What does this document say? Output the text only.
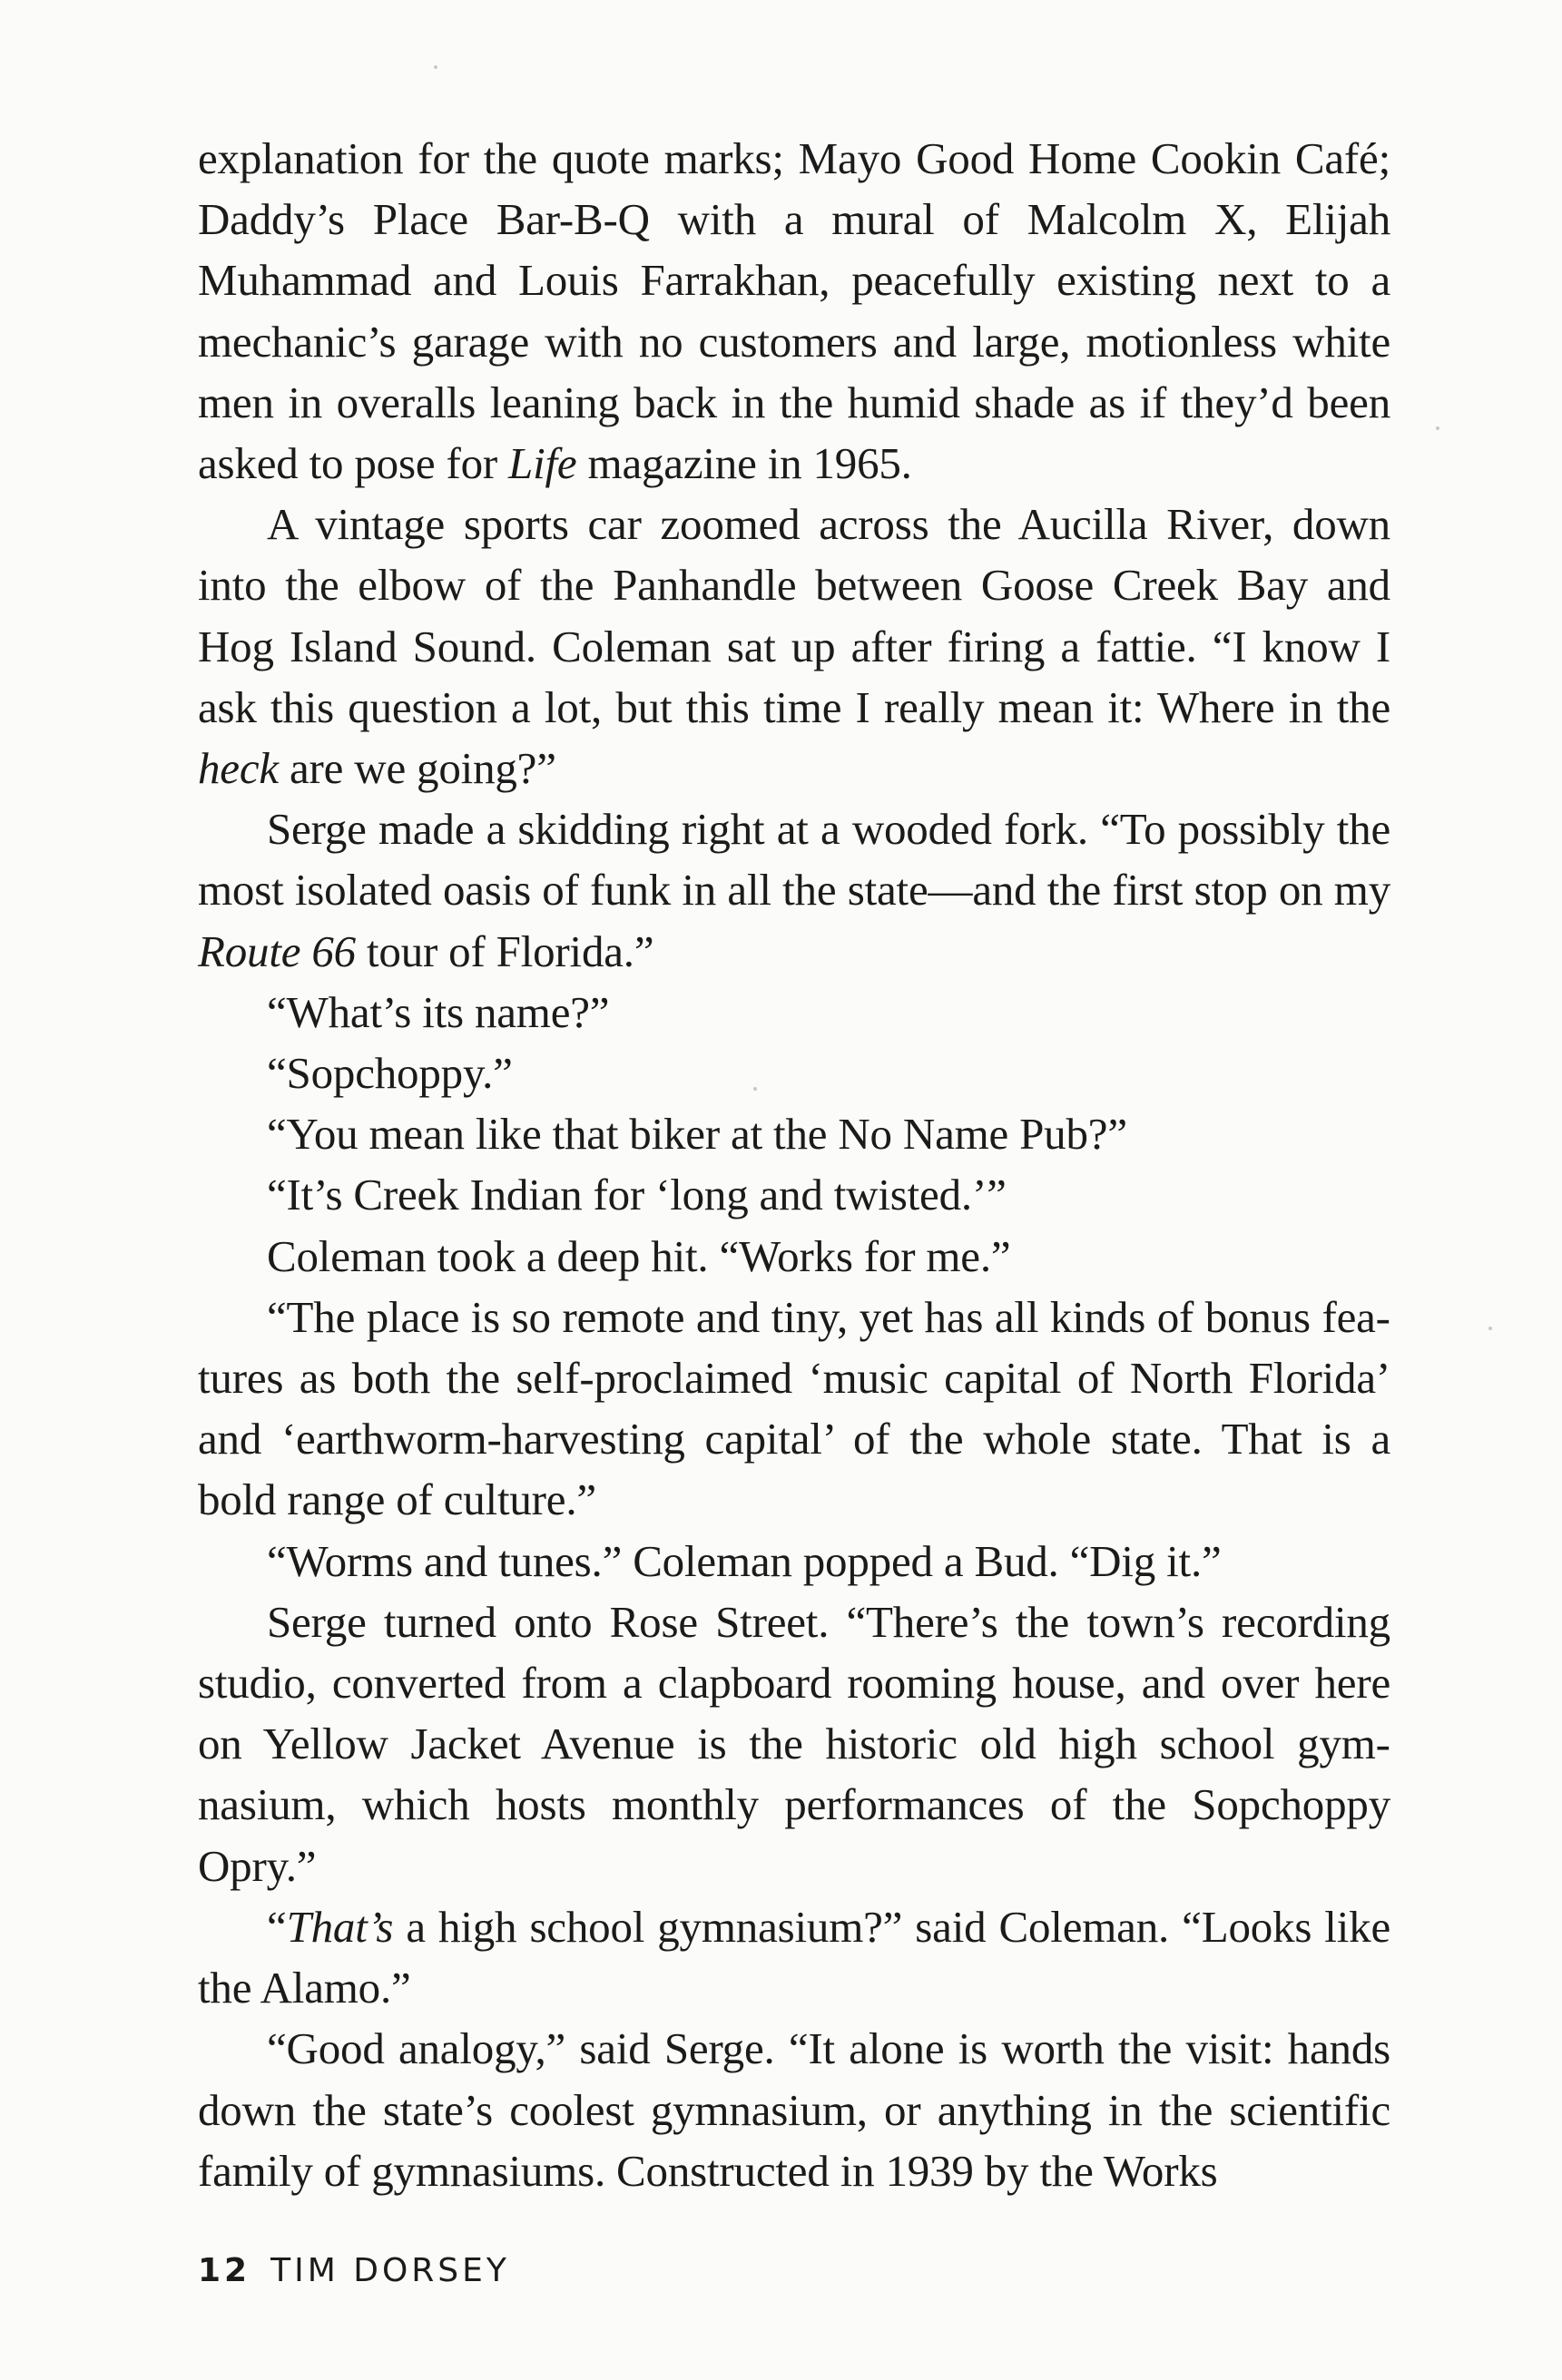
explanation for the quote marks; Mayo Good Home Cookin Café; Daddy’s Place Bar-B-Q with a mural of Malcolm X, Elijah Muhammad and Louis Farrakhan, peacefully existing next to a mechanic’s garage with no customers and large, motionless white men in overalls leaning back in the humid shade as if they’d been asked to pose for Life magazine in 1965.

A vintage sports car zoomed across the Aucilla River, down into the elbow of the Panhandle between Goose Creek Bay and Hog Island Sound. Coleman sat up after firing a fattie. “I know I ask this question a lot, but this time I really mean it: Where in the heck are we going?”

Serge made a skidding right at a wooded fork. “To possibly the most isolated oasis of funk in all the state—and the first stop on my Route 66 tour of Florida.”

“What’s its name?”

“Sopchoppy.”

“You mean like that biker at the No Name Pub?”

“It’s Creek Indian for ‘long and twisted.’”

Coleman took a deep hit. “Works for me.”

“The place is so remote and tiny, yet has all kinds of bonus features as both the self-proclaimed ‘music capital of North Florida’ and ‘earthworm-harvesting capital’ of the whole state. That is a bold range of culture.”

“Worms and tunes.” Coleman popped a Bud. “Dig it.”

Serge turned onto Rose Street. “There’s the town’s recording studio, converted from a clapboard rooming house, and over here on Yellow Jacket Avenue is the historic old high school gymnasium, which hosts monthly performances of the Sopchoppy Opry.”

“That’s a high school gymnasium?” said Coleman. “Looks like the Alamo.”

“Good analogy,” said Serge. “It alone is worth the visit: hands down the state’s coolest gymnasium, or anything in the scientific family of gymnasiums. Constructed in 1939 by the Works

12 TIM DORSEY
